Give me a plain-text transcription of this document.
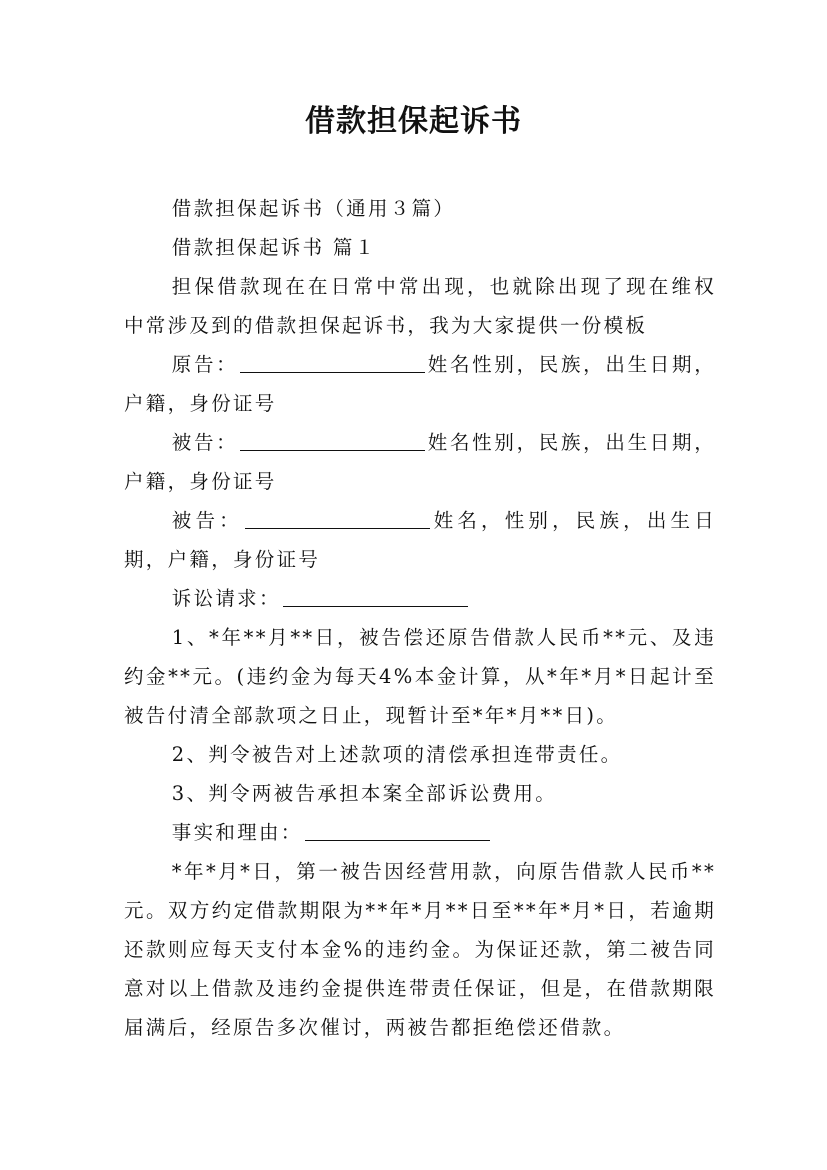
借款担保起诉书

借款担保起诉书（通用３篇）

借款担保起诉书 篇１

担保借款现在在日常中常出现，也就除出现了现在维权中常涉及到的借款担保起诉书，我为大家提供一份模板

原告：	姓名性别，民族，出生日期，户籍，身份证号

被告：	姓名性别，民族，出生日期，户籍，身份证号

被告：	姓名，性别，民族，出生日期，户籍，身份证号

诉讼请求：

1、*年**月**日，被告偿还原告借款人民币**元、及违约金**元。(违约金为每天4%本金计算，从*年*月*日起计至被告付清全部款项之日止，现暂计至*年*月**日)。

2、判令被告对上述款项的清偿承担连带责任。

3、判令两被告承担本案全部诉讼费用。

事实和理由：

*年*月*日，第一被告因经营用款，向原告借款人民币**元。双方约定借款期限为**年*月**日至**年*月*日，若逾期还款则应每天支付本金%的违约金。为保证还款，第二被告同意对以上借款及违约金提供连带责任保证，但是，在借款期限届满后，经原告多次催讨，两被告都拒绝偿还借款。
